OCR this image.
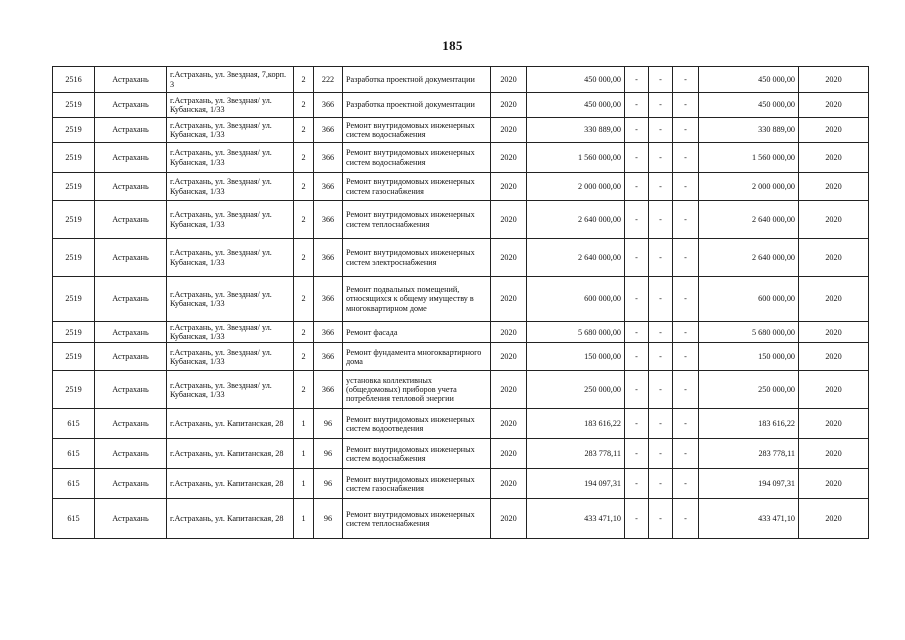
185
2516	Астрахань	г.Астрахань, ул. Звездная, 7,корп. 3	2	222	Разработка проектной документации	2020	450 000,00	-	-	-	450 000,00	2020
2519	Астрахань	г.Астрахань, ул. Звездная/ ул. Кубанская, 1/33	2	366	Разработка проектной документации	2020	450 000,00	-	-	-	450 000,00	2020
2519	Астрахань	г.Астрахань, ул. Звездная/ ул. Кубанская, 1/33	2	366	Ремонт внутридомовых инженерных систем водоснабжения	2020	330 889,00	-	-	-	330 889,00	2020
2519	Астрахань	г.Астрахань, ул. Звездная/ ул. Кубанская, 1/33	2	366	Ремонт внутридомовых инженерных систем водоснабжения	2020	1 560 000,00	-	-	-	1 560 000,00	2020
2519	Астрахань	г.Астрахань, ул. Звездная/ ул. Кубанская, 1/33	2	366	Ремонт внутридомовых инженерных систем газоснабжения	2020	2 000 000,00	-	-	-	2 000 000,00	2020
2519	Астрахань	г.Астрахань, ул. Звездная/ ул. Кубанская, 1/33	2	366	Ремонт внутридомовых инженерных систем теплоснабжения	2020	2 640 000,00	-	-	-	2 640 000,00	2020
2519	Астрахань	г.Астрахань, ул. Звездная/ ул. Кубанская, 1/33	2	366	Ремонт внутридомовых инженерных систем электроснабжения	2020	2 640 000,00	-	-	-	2 640 000,00	2020
2519	Астрахань	г.Астрахань, ул. Звездная/ ул. Кубанская, 1/33	2	366	Ремонт подвальных помещений, относящихся к общему имуществу в многоквартирном доме	2020	600 000,00	-	-	-	600 000,00	2020
2519	Астрахань	г.Астрахань, ул. Звездная/ ул. Кубанская, 1/33	2	366	Ремонт фасада	2020	5 680 000,00	-	-	-	5 680 000,00	2020
2519	Астрахань	г.Астрахань, ул. Звездная/ ул. Кубанская, 1/33	2	366	Ремонт фундамента многоквартирного дома	2020	150 000,00	-	-	-	150 000,00	2020
2519	Астрахань	г.Астрахань, ул. Звездная/ ул. Кубанская, 1/33	2	366	установка коллективных (общедомовых) приборов учета потребления тепловой энергии	2020	250 000,00	-	-	-	250 000,00	2020
615	Астрахань	г.Астрахань, ул. Капитанская, 28	1	96	Ремонт внутридомовых инженерных систем водоотведения	2020	183 616,22	-	-	-	183 616,22	2020
615	Астрахань	г.Астрахань, ул. Капитанская, 28	1	96	Ремонт внутридомовых инженерных систем водоснабжения	2020	283 778,11	-	-	-	283 778,11	2020
615	Астрахань	г.Астрахань, ул. Капитанская, 28	1	96	Ремонт внутридомовых инженерных систем газоснабжения	2020	194 097,31	-	-	-	194 097,31	2020
615	Астрахань	г.Астрахань, ул. Капитанская, 28	1	96	Ремонт внутридомовых инженерных систем теплоснабжения	2020	433 471,10	-	-	-	433 471,10	2020
